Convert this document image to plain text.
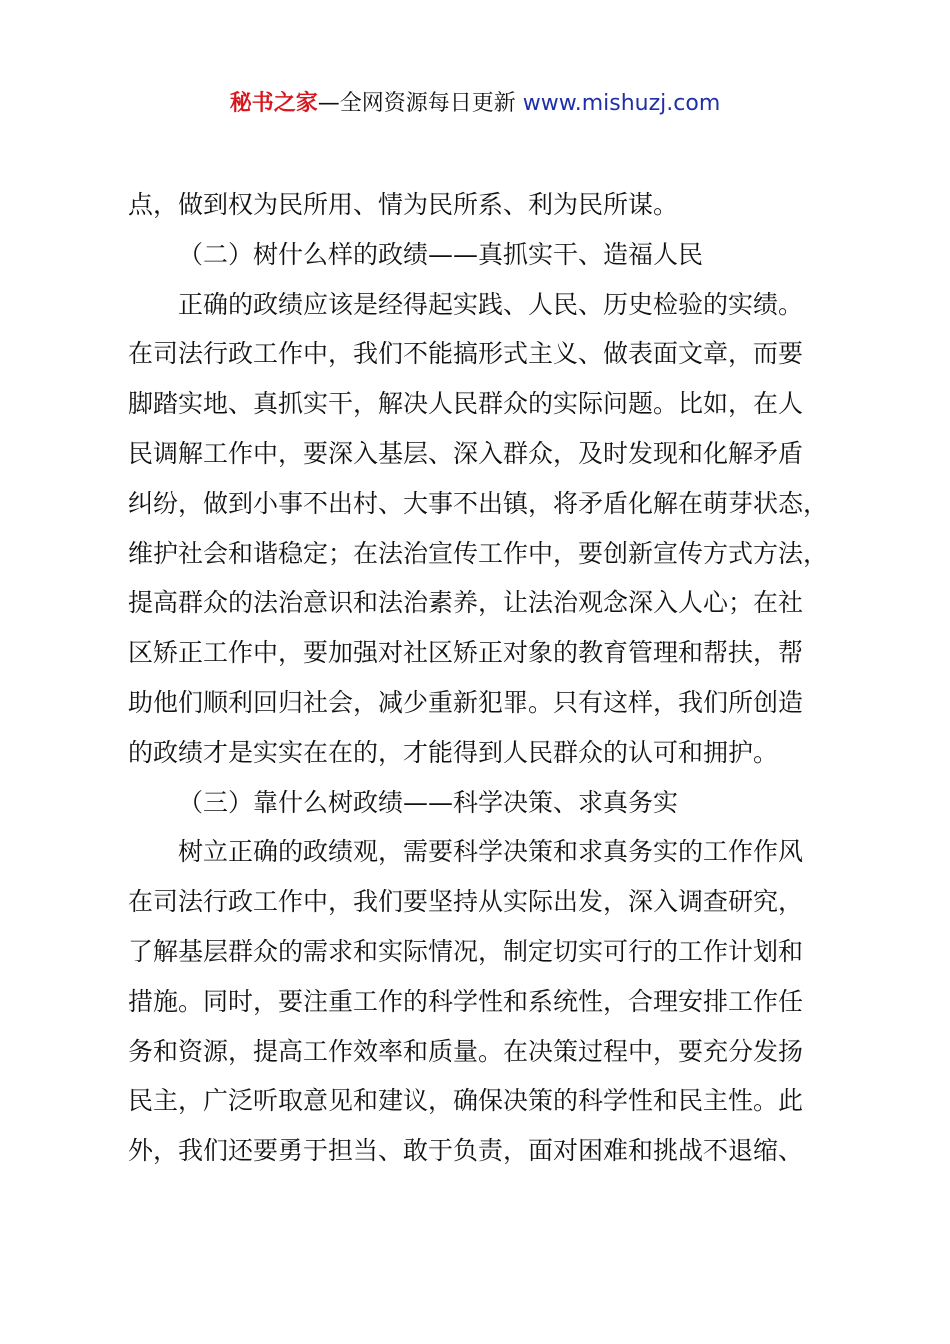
秘书之家—全网资源每日更新 www.mishuzj.com
点，做到权为民所用、情为民所系、利为民所谋。
（二）树什么样的政绩——真抓实干、造福人民
正确的政绩应该是经得起实践、人民、历史检验的实绩。
在司法行政工作中，我们不能搞形式主义、做表面文章，而要
脚踏实地、真抓实干，解决人民群众的实际问题。比如，在人
民调解工作中，要深入基层、深入群众，及时发现和化解矛盾
纠纷，做到小事不出村、大事不出镇，将矛盾化解在萌芽状态，
维护社会和谐稳定；在法治宣传工作中，要创新宣传方式方法，
提高群众的法治意识和法治素养，让法治观念深入人心；在社
区矫正工作中，要加强对社区矫正对象的教育管理和帮扶，帮
助他们顺利回归社会，减少重新犯罪。只有这样，我们所创造
的政绩才是实实在在的，才能得到人民群众的认可和拥护。
（三）靠什么树政绩——科学决策、求真务实
树立正确的政绩观，需要科学决策和求真务实的工作作风
在司法行政工作中，我们要坚持从实际出发，深入调查研究，
了解基层群众的需求和实际情况，制定切实可行的工作计划和
措施。同时，要注重工作的科学性和系统性，合理安排工作任
务和资源，提高工作效率和质量。在决策过程中，要充分发扬
民主，广泛听取意见和建议，确保决策的科学性和民主性。此
外，我们还要勇于担当、敢于负责，面对困难和挑战不退缩、
